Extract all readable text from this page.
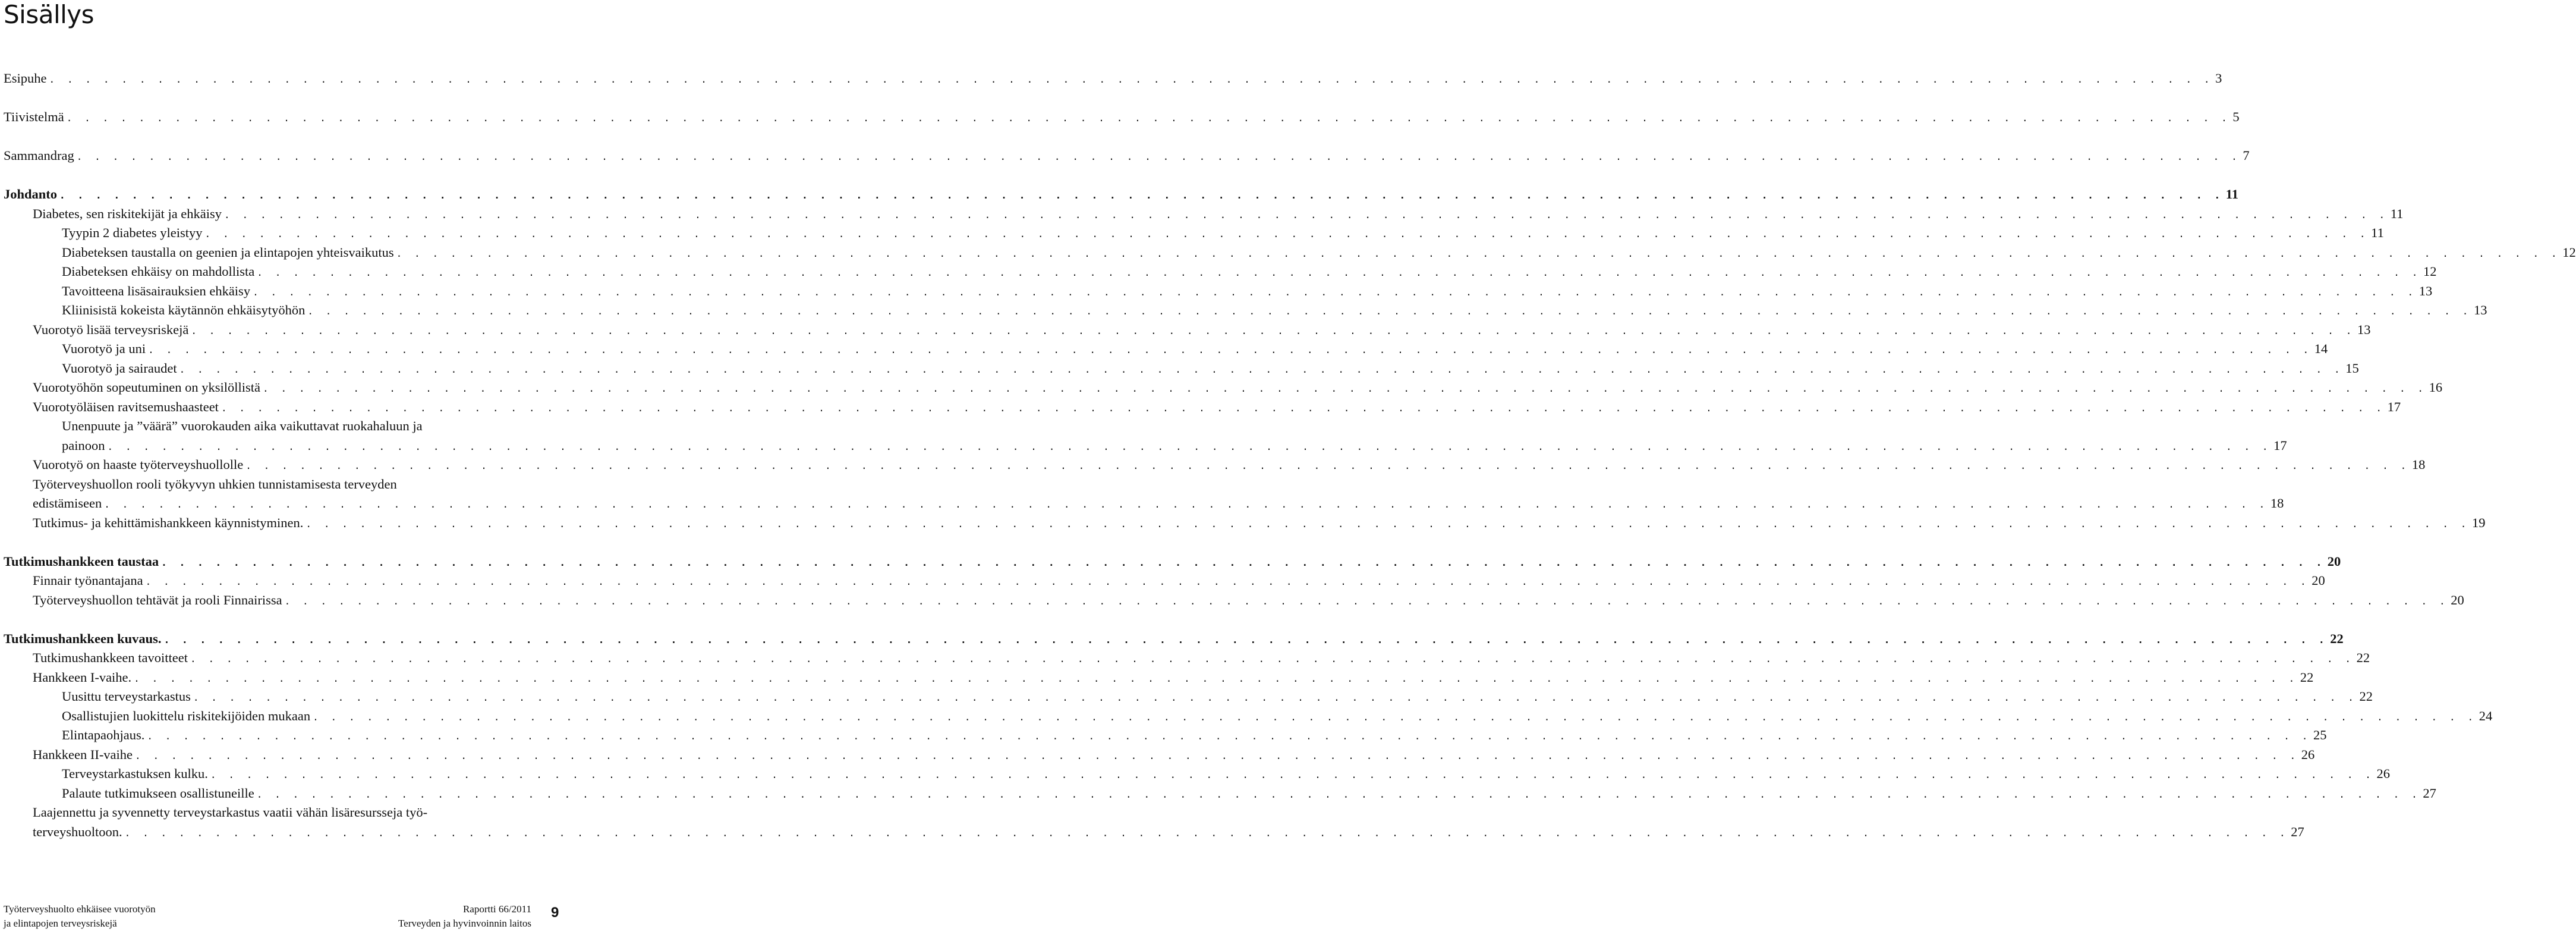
Sisällys
Esipuhe . . . . . . . . . . . . . . . . . . . . . . . . . . . . . . . . . . . . . . . . . . . . . . . . . . . . . . . . . . . . . . . . . . . . . . . . . . . . . . . . . . . . . . . . . . . . . . . . . . . . . . . . . . . . . . . . . . . . . . . . 3
Tiivistelmä . . . . . . . . . . . . . . . . . . . . . . . . . . . . . . . . . . . . . . . . . . . . . . . . . . . . . . . . . . . . . . . . . . . . . . . . . . . . . . . . . . . . . . . . . . . . . . . . . . . . . . . . . . . . . . . . . . . . . . . . 5
Sammandrag . . . . . . . . . . . . . . . . . . . . . . . . . . . . . . . . . . . . . . . . . . . . . . . . . . . . . . . . . . . . . . . . . . . . . . . . . . . . . . . . . . . . . . . . . . . . . . . . . . . . . . . . . . . . . . . . . . . . . . . . 7
Johdanto . . . . . . . . . . . . . . . . . . . . . . . . . . . . . . . . . . . . . . . . . . . . . . . . . . . . . . . . . . . . . . . . . . . . . . . . . . . . . . . . . . . . . . . . . . . . . . . . . . . . . . . . . . . . . . . . . . . . . . . . 11
Diabetes, sen riskitekijät ja ehkäisy . . . . . . . . . . . . . . . . . . . . . . . . . . . . . . . . . . . . . . . . . . . . . . . . . . . . . . . . . . . . . . . . . . . . . . . . . . . . . . . . . . . . . . . . . . . . . . . . . . . . . . . . . . . . . . . . . . . . . . . . 11
Tyypin 2 diabetes yleistyy . . . . . . . . . . . . . . . . . . . . . . . . . . . . . . . . . . . . . . . . . . . . . . . . . . . . . . . . . . . . . . . . . . . . . . . . . . . . . . . . . . . . . . . . . . . . . . . . . . . . . . . . . . . . . . . . . . . . . . . . 11
Diabeteksen taustalla on geenien ja elintapojen yhteisvaikutus . . . . . . . . . . . . . . . . . . . . . . . . . . . . . . . . . . . . . . . . . . . . . . . . . . . . . . . . . . . . . . . . . . . . . . . . . . . . . . . . . . . . . . . . . . . . . . . . . . . . . . . . . . . . . . . . . . . . . . . . 12
Diabeteksen ehkäisy on mahdollista . . . . . . . . . . . . . . . . . . . . . . . . . . . . . . . . . . . . . . . . . . . . . . . . . . . . . . . . . . . . . . . . . . . . . . . . . . . . . . . . . . . . . . . . . . . . . . . . . . . . . . . . . . . . . . . . . . . . . . . . 12
Tavoitteena lisäsairauksien ehkäisy . . . . . . . . . . . . . . . . . . . . . . . . . . . . . . . . . . . . . . . . . . . . . . . . . . . . . . . . . . . . . . . . . . . . . . . . . . . . . . . . . . . . . . . . . . . . . . . . . . . . . . . . . . . . . . . . . . . . . . . . 13
Kliinisistä kokeista käytännön ehkäisytyöhön . . . . . . . . . . . . . . . . . . . . . . . . . . . . . . . . . . . . . . . . . . . . . . . . . . . . . . . . . . . . . . . . . . . . . . . . . . . . . . . . . . . . . . . . . . . . . . . . . . . . . . . . . . . . . . . . . . . . . . . . 13
Vuorotyö lisää terveysriskejä . . . . . . . . . . . . . . . . . . . . . . . . . . . . . . . . . . . . . . . . . . . . . . . . . . . . . . . . . . . . . . . . . . . . . . . . . . . . . . . . . . . . . . . . . . . . . . . . . . . . . . . . . . . . . . . . . . . . . . . . 13
Vuorotyö ja uni . . . . . . . . . . . . . . . . . . . . . . . . . . . . . . . . . . . . . . . . . . . . . . . . . . . . . . . . . . . . . . . . . . . . . . . . . . . . . . . . . . . . . . . . . . . . . . . . . . . . . . . . . . . . . . . . . . . . . . . . 14
Vuorotyö ja sairaudet . . . . . . . . . . . . . . . . . . . . . . . . . . . . . . . . . . . . . . . . . . . . . . . . . . . . . . . . . . . . . . . . . . . . . . . . . . . . . . . . . . . . . . . . . . . . . . . . . . . . . . . . . . . . . . . . . . . . . . . . 15
Vuorotyöhön sopeutuminen on yksilöllistä . . . . . . . . . . . . . . . . . . . . . . . . . . . . . . . . . . . . . . . . . . . . . . . . . . . . . . . . . . . . . . . . . . . . . . . . . . . . . . . . . . . . . . . . . . . . . . . . . . . . . . . . . . . . . . . . . . . . . . . . 16
Vuorotyöläisen ravitsemushaasteet . . . . . . . . . . . . . . . . . . . . . . . . . . . . . . . . . . . . . . . . . . . . . . . . . . . . . . . . . . . . . . . . . . . . . . . . . . . . . . . . . . . . . . . . . . . . . . . . . . . . . . . . . . . . . . . . . . . . . . . . 17
Unenpuute ja ”väärä” vuorokauden aika vaikuttavat ruokahaluun ja
painoon . . . . . . . . . . . . . . . . . . . . . . . . . . . . . . . . . . . . . . . . . . . . . . . . . . . . . . . . . . . . . . . . . . . . . . . . . . . . . . . . . . . . . . . . . . . . . . . . . . . . . . . . . . . . . . . . . . . . . . . . 17
Vuorotyö on haaste työterveyshuollolle . . . . . . . . . . . . . . . . . . . . . . . . . . . . . . . . . . . . . . . . . . . . . . . . . . . . . . . . . . . . . . . . . . . . . . . . . . . . . . . . . . . . . . . . . . . . . . . . . . . . . . . . . . . . . . . . . . . . . . . . 18
Työterveyshuollon rooli työkyvyn uhkien tunnistamisesta terveyden
edistämiseen . . . . . . . . . . . . . . . . . . . . . . . . . . . . . . . . . . . . . . . . . . . . . . . . . . . . . . . . . . . . . . . . . . . . . . . . . . . . . . . . . . . . . . . . . . . . . . . . . . . . . . . . . . . . . . . . . . . . . . . . 18
Tutkimus- ja kehittämishankkeen käynnistyminen. . . . . . . . . . . . . . . . . . . . . . . . . . . . . . . . . . . . . . . . . . . . . . . . . . . . . . . . . . . . . . . . . . . . . . . . . . . . . . . . . . . . . . . . . . . . . . . . . . . . . . . . . . . . . . . . . . . . . . . . . 19
Tutkimushankkeen taustaa . . . . . . . . . . . . . . . . . . . . . . . . . . . . . . . . . . . . . . . . . . . . . . . . . . . . . . . . . . . . . . . . . . . . . . . . . . . . . . . . . . . . . . . . . . . . . . . . . . . . . . . . . . . . . . . . . . . . . . . . 20
Finnair työnantajana . . . . . . . . . . . . . . . . . . . . . . . . . . . . . . . . . . . . . . . . . . . . . . . . . . . . . . . . . . . . . . . . . . . . . . . . . . . . . . . . . . . . . . . . . . . . . . . . . . . . . . . . . . . . . . . . . . . . . . . . 20
Työterveyshuollon tehtävät ja rooli Finnairissa . . . . . . . . . . . . . . . . . . . . . . . . . . . . . . . . . . . . . . . . . . . . . . . . . . . . . . . . . . . . . . . . . . . . . . . . . . . . . . . . . . . . . . . . . . . . . . . . . . . . . . . . . . . . . . . . . . . . . . . . 20
Tutkimushankkeen kuvaus. . . . . . . . . . . . . . . . . . . . . . . . . . . . . . . . . . . . . . . . . . . . . . . . . . . . . . . . . . . . . . . . . . . . . . . . . . . . . . . . . . . . . . . . . . . . . . . . . . . . . . . . . . . . . . . . . . . . . . . . . 22
Tutkimushankkeen tavoitteet . . . . . . . . . . . . . . . . . . . . . . . . . . . . . . . . . . . . . . . . . . . . . . . . . . . . . . . . . . . . . . . . . . . . . . . . . . . . . . . . . . . . . . . . . . . . . . . . . . . . . . . . . . . . . . . . . . . . . . . . 22
Hankkeen I-vaihe. . . . . . . . . . . . . . . . . . . . . . . . . . . . . . . . . . . . . . . . . . . . . . . . . . . . . . . . . . . . . . . . . . . . . . . . . . . . . . . . . . . . . . . . . . . . . . . . . . . . . . . . . . . . . . . . . . . . . . . . . 22
Uusittu terveystarkastus . . . . . . . . . . . . . . . . . . . . . . . . . . . . . . . . . . . . . . . . . . . . . . . . . . . . . . . . . . . . . . . . . . . . . . . . . . . . . . . . . . . . . . . . . . . . . . . . . . . . . . . . . . . . . . . . . . . . . . . . 22
Osallistujien luokittelu riskitekijöiden mukaan . . . . . . . . . . . . . . . . . . . . . . . . . . . . . . . . . . . . . . . . . . . . . . . . . . . . . . . . . . . . . . . . . . . . . . . . . . . . . . . . . . . . . . . . . . . . . . . . . . . . . . . . . . . . . . . . . . . . . . . . 24
Elintapaohjaus. . . . . . . . . . . . . . . . . . . . . . . . . . . . . . . . . . . . . . . . . . . . . . . . . . . . . . . . . . . . . . . . . . . . . . . . . . . . . . . . . . . . . . . . . . . . . . . . . . . . . . . . . . . . . . . . . . . . . . . . . 25
Hankkeen II-vaihe . . . . . . . . . . . . . . . . . . . . . . . . . . . . . . . . . . . . . . . . . . . . . . . . . . . . . . . . . . . . . . . . . . . . . . . . . . . . . . . . . . . . . . . . . . . . . . . . . . . . . . . . . . . . . . . . . . . . . . . . 26
Terveystarkastuksen kulku. . . . . . . . . . . . . . . . . . . . . . . . . . . . . . . . . . . . . . . . . . . . . . . . . . . . . . . . . . . . . . . . . . . . . . . . . . . . . . . . . . . . . . . . . . . . . . . . . . . . . . . . . . . . . . . . . . . . . . . . . 26
Palaute tutkimukseen osallistuneille . . . . . . . . . . . . . . . . . . . . . . . . . . . . . . . . . . . . . . . . . . . . . . . . . . . . . . . . . . . . . . . . . . . . . . . . . . . . . . . . . . . . . . . . . . . . . . . . . . . . . . . . . . . . . . . . . . . . . . . . 27
Laajennettu ja syvennetty terveystarkastus vaatii vähän lisäresursseja työ-
terveyshuoltoon. . . . . . . . . . . . . . . . . . . . . . . . . . . . . . . . . . . . . . . . . . . . . . . . . . . . . . . . . . . . . . . . . . . . . . . . . . . . . . . . . . . . . . . . . . . . . . . . . . . . . . . . . . . . . . . . . . . . . . . . . 27
Työterveyshuolto ehkäisee vuorotyön
ja elintapojen terveysriskejä
Raportti 66/2011
Terveyden ja hyvinvoinnin laitos
9
